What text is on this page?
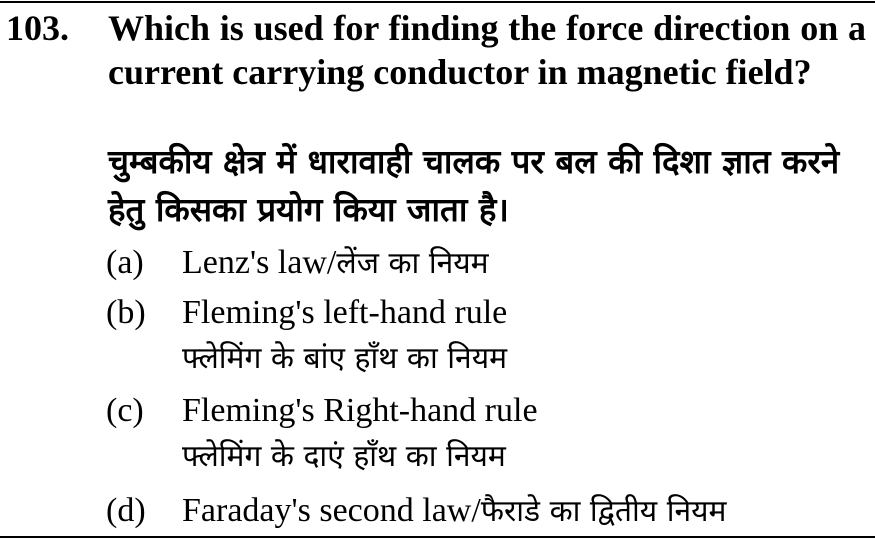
103. Which is used for finding the force direction on a current carrying conductor in magnetic field?
चुम्बकीय क्षेत्र में धारावाही चालक पर बल की दिशा ज्ञात करने हेतु किसका प्रयोग किया जाता है।
(a)	Lenz's law/लेंज का नियम
(b)	Fleming's left-hand rule
फ्लेमिंग के बांए हाँथ का नियम
(c)	Fleming's Right-hand rule
फ्लेमिंग के दाएं हाँथ का नियम
(d)	Faraday's second law/फैराडे का द्वितीय नियम
